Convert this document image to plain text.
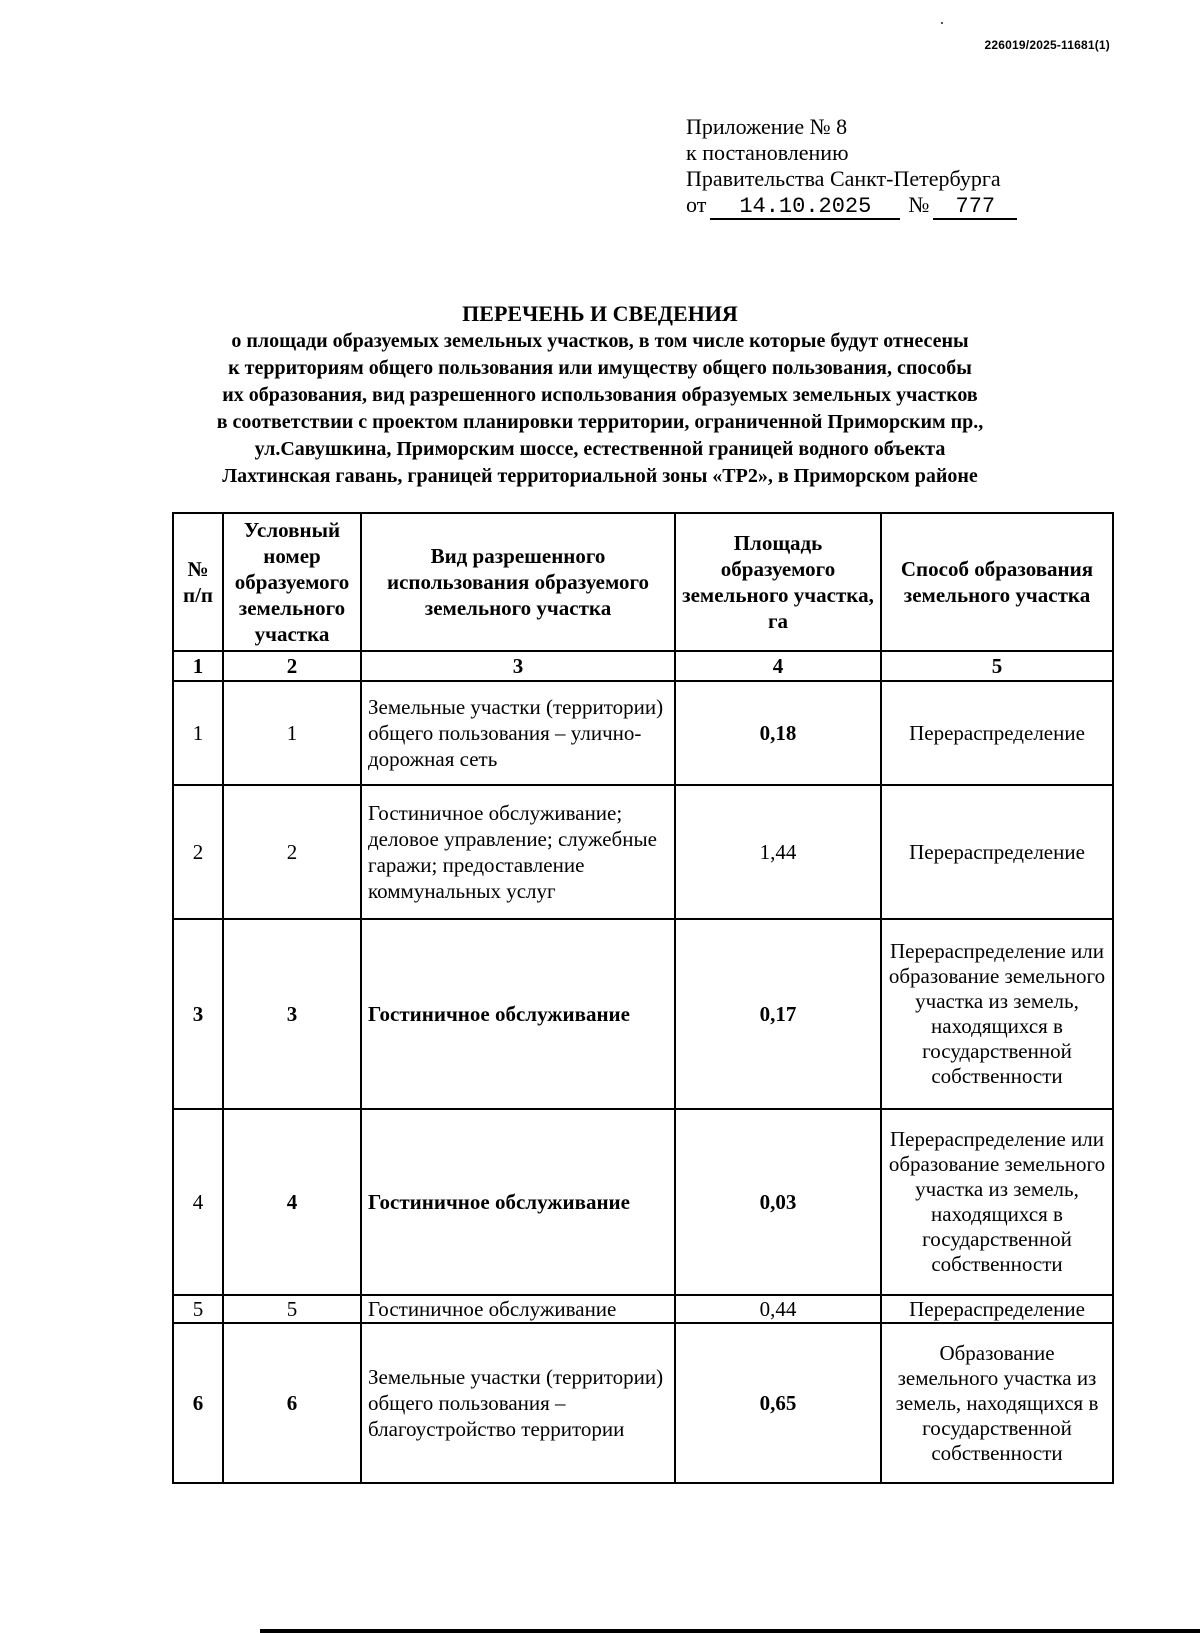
226019/2025-11681(1)
Приложение № 8
к постановлению
Правительства Санкт-Петербурга
от 14.10.2025 № 777
ПЕРЕЧЕНЬ И СВЕДЕНИЯ
о площади образуемых земельных участков, в том числе которые будут отнесены
к территориям общего пользования или имуществу общего пользования, способы
их образования, вид разрешенного использования образуемых земельных участков
в соответствии с проектом планировки территории, ограниченной Приморским пр.,
ул.Савушкина, Приморским шоссе, естественной границей водного объекта
Лахтинская гавань, границей территориальной зоны «ТР2», в Приморском районе
№ п/п	Условный номер образуемого земельного участка	Вид разрешенного использования образуемого земельного участка	Площадь образуемого земельного участка, га	Способ образования земельного участка
1	2	3	4	5
1	1	Земельные участки (территории) общего пользования – улично-дорожная сеть	0,18	Перераспределение
2	2	Гостиничное обслуживание; деловое управление; служебные гаражи; предоставление коммунальных услуг	1,44	Перераспределение
3	3	Гостиничное обслуживание	0,17	Перераспределение или образование земельного участка из земель, находящихся в государственной собственности
4	4	Гостиничное обслуживание	0,03	Перераспределение или образование земельного участка из земель, находящихся в государственной собственности
5	5	Гостиничное обслуживание	0,44	Перераспределение
6	6	Земельные участки (территории) общего пользования – благоустройство территории	0,65	Образование земельного участка из земель, находящихся в государственной собственности
